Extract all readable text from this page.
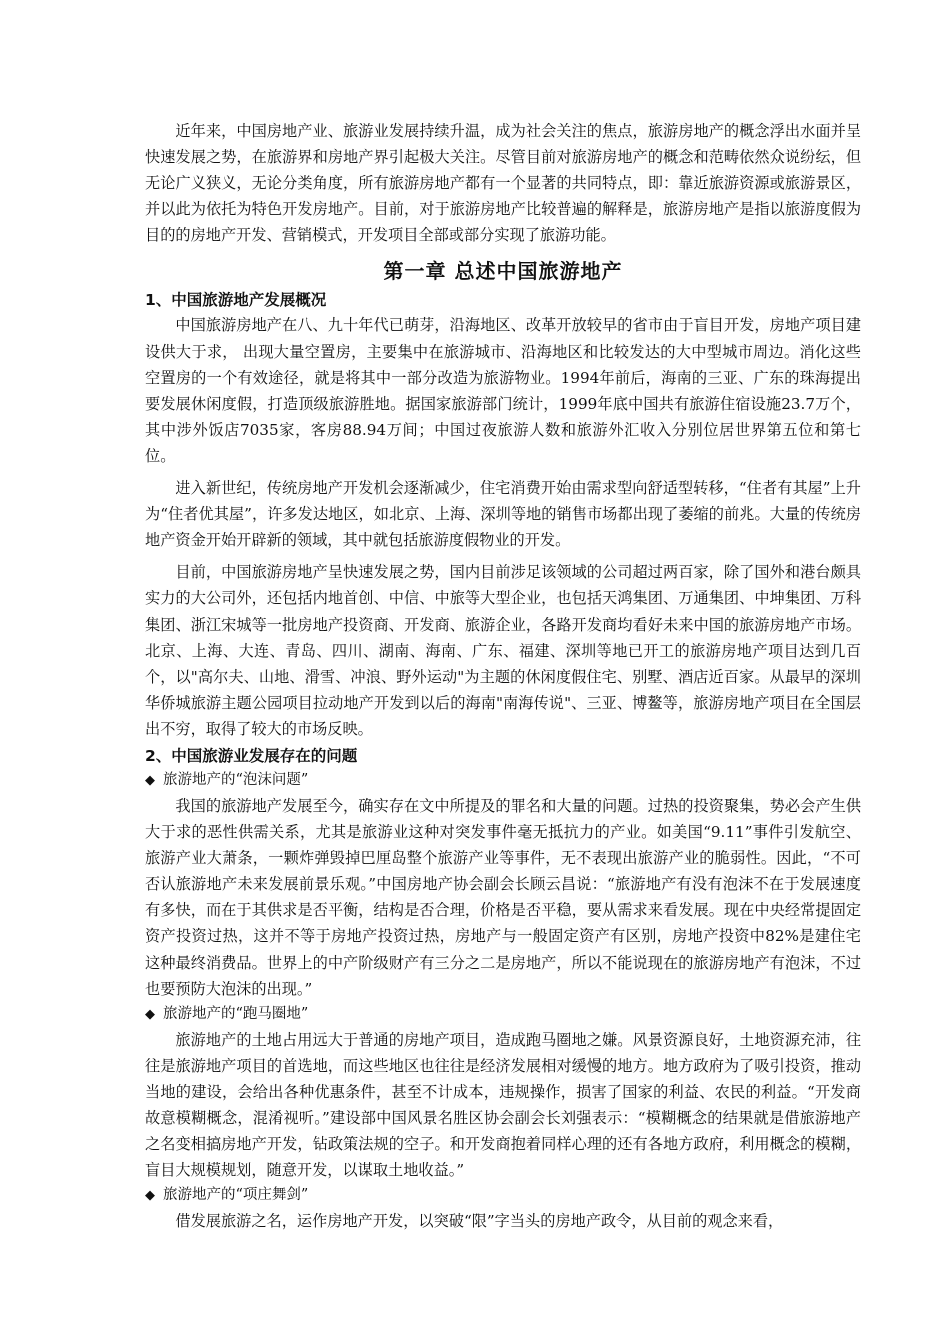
近年来，中国房地产业、旅游业发展持续升温，成为社会关注的焦点，旅游房地产的概念浮出水面并呈快速发展之势，在旅游界和房地产界引起极大关注。尽管目前对旅游房地产的概念和范畴依然众说纷纭，但无论广义狭义，无论分类角度，所有旅游房地产都有一个显著的共同特点，即：靠近旅游资源或旅游景区，并以此为依托为特色开发房地产。目前，对于旅游房地产比较普遍的解释是，旅游房地产是指以旅游度假为目的的房地产开发、营销模式，开发项目全部或部分实现了旅游功能。

第一章 总述中国旅游地产
1、中国旅游地产发展概况

中国旅游房地产在八、九十年代已萌芽，沿海地区、改革开放较早的省市由于盲目开发，房地产项目建设供大于求， 出现大量空置房，主要集中在旅游城市、沿海地区和比较发达的大中型城市周边。消化这些空置房的一个有效途径，就是将其中一部分改造为旅游物业。1994年前后，海南的三亚、广东的珠海提出要发展休闲度假，打造顶级旅游胜地。据国家旅游部门统计，1999年底中国共有旅游住宿设施23.7万个，其中涉外饭店7035家，客房88.94万间；中国过夜旅游人数和旅游外汇收入分别位居世界第五位和第七位。

进入新世纪，传统房地产开发机会逐渐减少，住宅消费开始由需求型向舒适型转移，“住者有其屋”上升为“住者优其屋”，许多发达地区，如北京、上海、深圳等地的销售市场都出现了萎缩的前兆。大量的传统房地产资金开始开辟新的领域，其中就包括旅游度假物业的开发。

目前，中国旅游房地产呈快速发展之势，国内目前涉足该领域的公司超过两百家，除了国外和港台颇具实力的大公司外，还包括内地首创、中信、中旅等大型企业，也包括天鸿集团、万通集团、中坤集团、万科集团、浙江宋城等一批房地产投资商、开发商、旅游企业，各路开发商均看好未来中国的旅游房地产市场。北京、上海、大连、青岛、四川、湖南、海南、广东、福建、深圳等地已开工的旅游房地产项目达到几百个，以"高尔夫、山地、滑雪、冲浪、野外运动"为主题的休闲度假住宅、别墅、酒店近百家。从最早的深圳华侨城旅游主题公园项目拉动地产开发到以后的海南"南海传说"、三亚、博鳌等，旅游房地产项目在全国层出不穷，取得了较大的市场反映。

2、中国旅游业发展存在的问题
◆ 旅游地产的“泡沫问题”

我国的旅游地产发展至今，确实存在文中所提及的罪名和大量的问题。过热的投资聚集，势必会产生供大于求的恶性供需关系，尤其是旅游业这种对突发事件毫无抵抗力的产业。如美国“9.11”事件引发航空、旅游产业大萧条，一颗炸弹毁掉巴厘岛整个旅游产业等事件，无不表现出旅游产业的脆弱性。因此，“不可否认旅游地产未来发展前景乐观。”中国房地产协会副会长顾云昌说：“旅游地产有没有泡沫不在于发展速度有多快，而在于其供求是否平衡，结构是否合理，价格是否平稳，要从需求来看发展。现在中央经常提固定资产投资过热，这并不等于房地产投资过热，房地产与一般固定资产有区别，房地产投资中82%是建住宅这种最终消费品。世界上的中产阶级财产有三分之二是房地产，所以不能说现在的旅游房地产有泡沫，不过也要预防大泡沫的出现。”

◆ 旅游地产的“跑马圈地”

旅游地产的土地占用远大于普通的房地产项目，造成跑马圈地之嫌。风景资源良好，土地资源充沛，往往是旅游地产项目的首选地，而这些地区也往往是经济发展相对缓慢的地方。地方政府为了吸引投资，推动当地的建设，会给出各种优惠条件，甚至不计成本，违规操作，损害了国家的利益、农民的利益。“开发商故意模糊概念，混淆视听。”建设部中国风景名胜区协会副会长刘强表示：“模糊概念的结果就是借旅游地产之名变相搞房地产开发，钻政策法规的空子。和开发商抱着同样心理的还有各地方政府，利用概念的模糊，盲目大规模规划，随意开发，以谋取土地收益。”

◆ 旅游地产的“项庄舞剑”

借发展旅游之名，运作房地产开发，以突破“限”字当头的房地产政令，从目前的观念来看，
